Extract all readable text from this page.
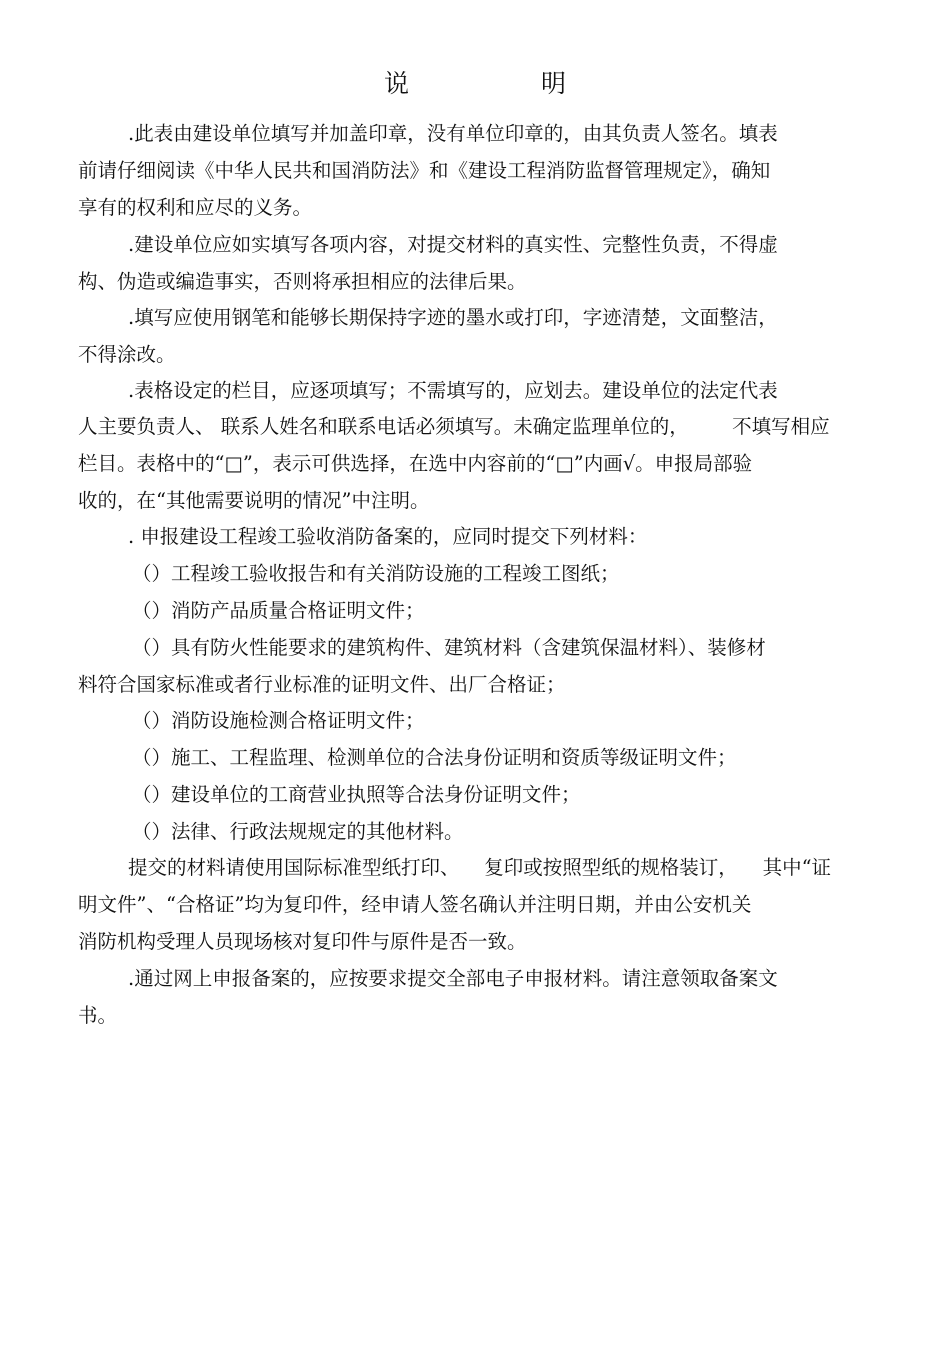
说 明
.此表由建设单位填写并加盖印章，没有单位印章的，由其负责人签名。填表
前请仔细阅读《中华人民共和国消防法》和《建设工程消防监督管理规定》，确知
享有的权利和应尽的义务。
.建设单位应如实填写各项内容，对提交材料的真实性、完整性负责，不得虚
构、伪造或编造事实，否则将承担相应的法律后果。
.填写应使用钢笔和能够长期保持字迹的墨水或打印，字迹清楚，文面整洁，
不得涂改。
.表格设定的栏目，应逐项填写；不需填写的，应划去。建设单位的法定代表
人主要负责人、 联系人姓名和联系电话必须填写。未确定监理单位的，       不填写相应
栏目。表格中的“□”，表示可供选择，在选中内容前的“□”内画√。申报局部验
收的，在“其他需要说明的情况”中注明。
. 申报建设工程竣工验收消防备案的，应同时提交下列材料：
（）工程竣工验收报告和有关消防设施的工程竣工图纸；
（）消防产品质量合格证明文件；
（）具有防火性能要求的建筑构件、建筑材料（含建筑保温材料）、装修材
料符合国家标准或者行业标准的证明文件、出厂合格证；
（）消防设施检测合格证明文件；
（）施工、工程监理、检测单位的合法身份证明和资质等级证明文件；
（）建设单位的工商营业执照等合法身份证明文件；
（）法律、行政法规规定的其他材料。
提交的材料请使用国际标准型纸打印、    复印或按照型纸的规格装订，    其中“证
明文件”、“合格证”均为复印件，经申请人签名确认并注明日期，并由公安机关
消防机构受理人员现场核对复印件与原件是否一致。
.通过网上申报备案的，应按要求提交全部电子申报材料。请注意领取备案文
书。
